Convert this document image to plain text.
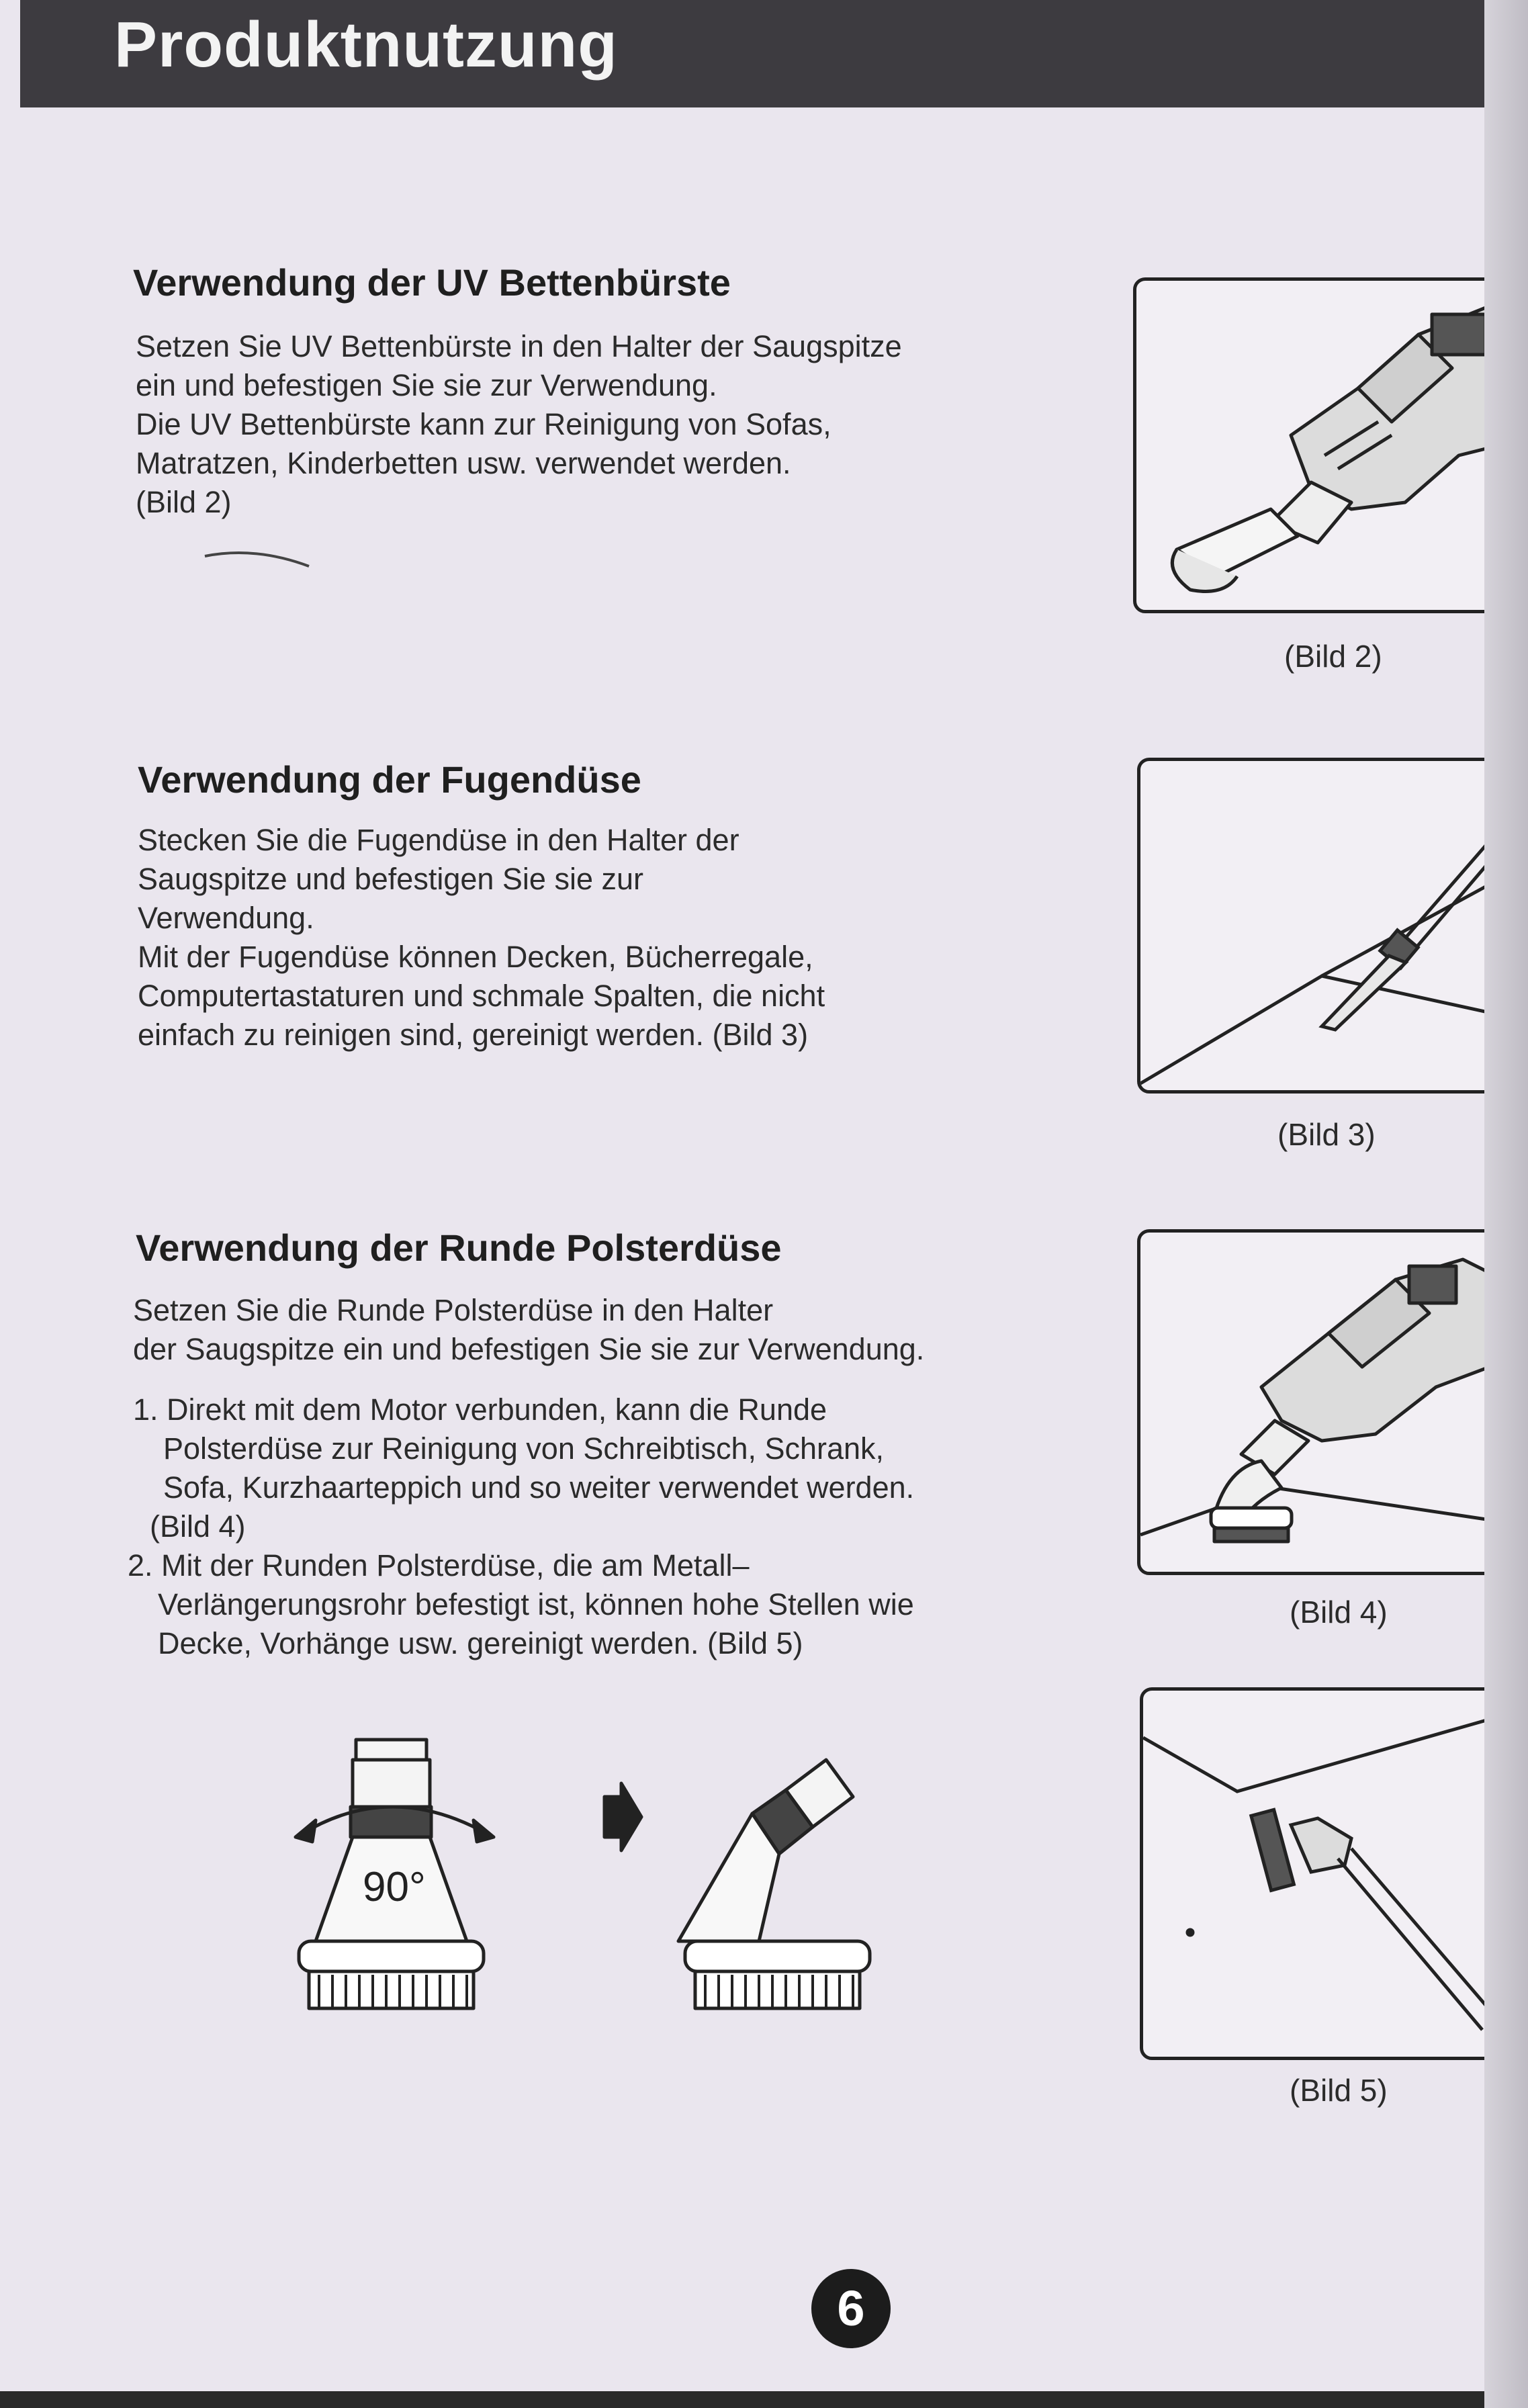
Produktnutzung
Verwendung der UV Bettenbürste
Setzen Sie UV Bettenbürste in den Halter der Saugspitze
ein und befestigen Sie sie zur Verwendung.
Die UV Bettenbürste kann zur Reinigung von Sofas,
Matratzen, Kinderbetten usw. verwendet werden.
(Bild 2)
(Bild 2)
Verwendung der Fugendüse
Stecken Sie die Fugendüse in den Halter der
Saugspitze und befestigen Sie sie zur
Verwendung.
Mit der Fugendüse können Decken, Bücherregale,
Computertastaturen und schmale Spalten, die nicht
einfach zu reinigen sind, gereinigt werden. (Bild 3)
(Bild 3)
Verwendung der Runde Polsterdüse
Setzen Sie die Runde Polsterdüse in den Halter
der Saugspitze ein und befestigen Sie sie zur Verwendung.
1. Direkt mit dem Motor verbunden, kann die Runde
Polsterdüse zur Reinigung von Schreibtisch, Schrank,
Sofa, Kurzhaarteppich und so weiter verwendet werden.
(Bild 4)
2. Mit der Runden Polsterdüse, die am Metall–
Verlängerungsrohr befestigt ist, können hohe Stellen wie
Decke, Vorhänge usw. gereinigt werden. (Bild 5)
(Bild 4)
(Bild 5)
90°
6
